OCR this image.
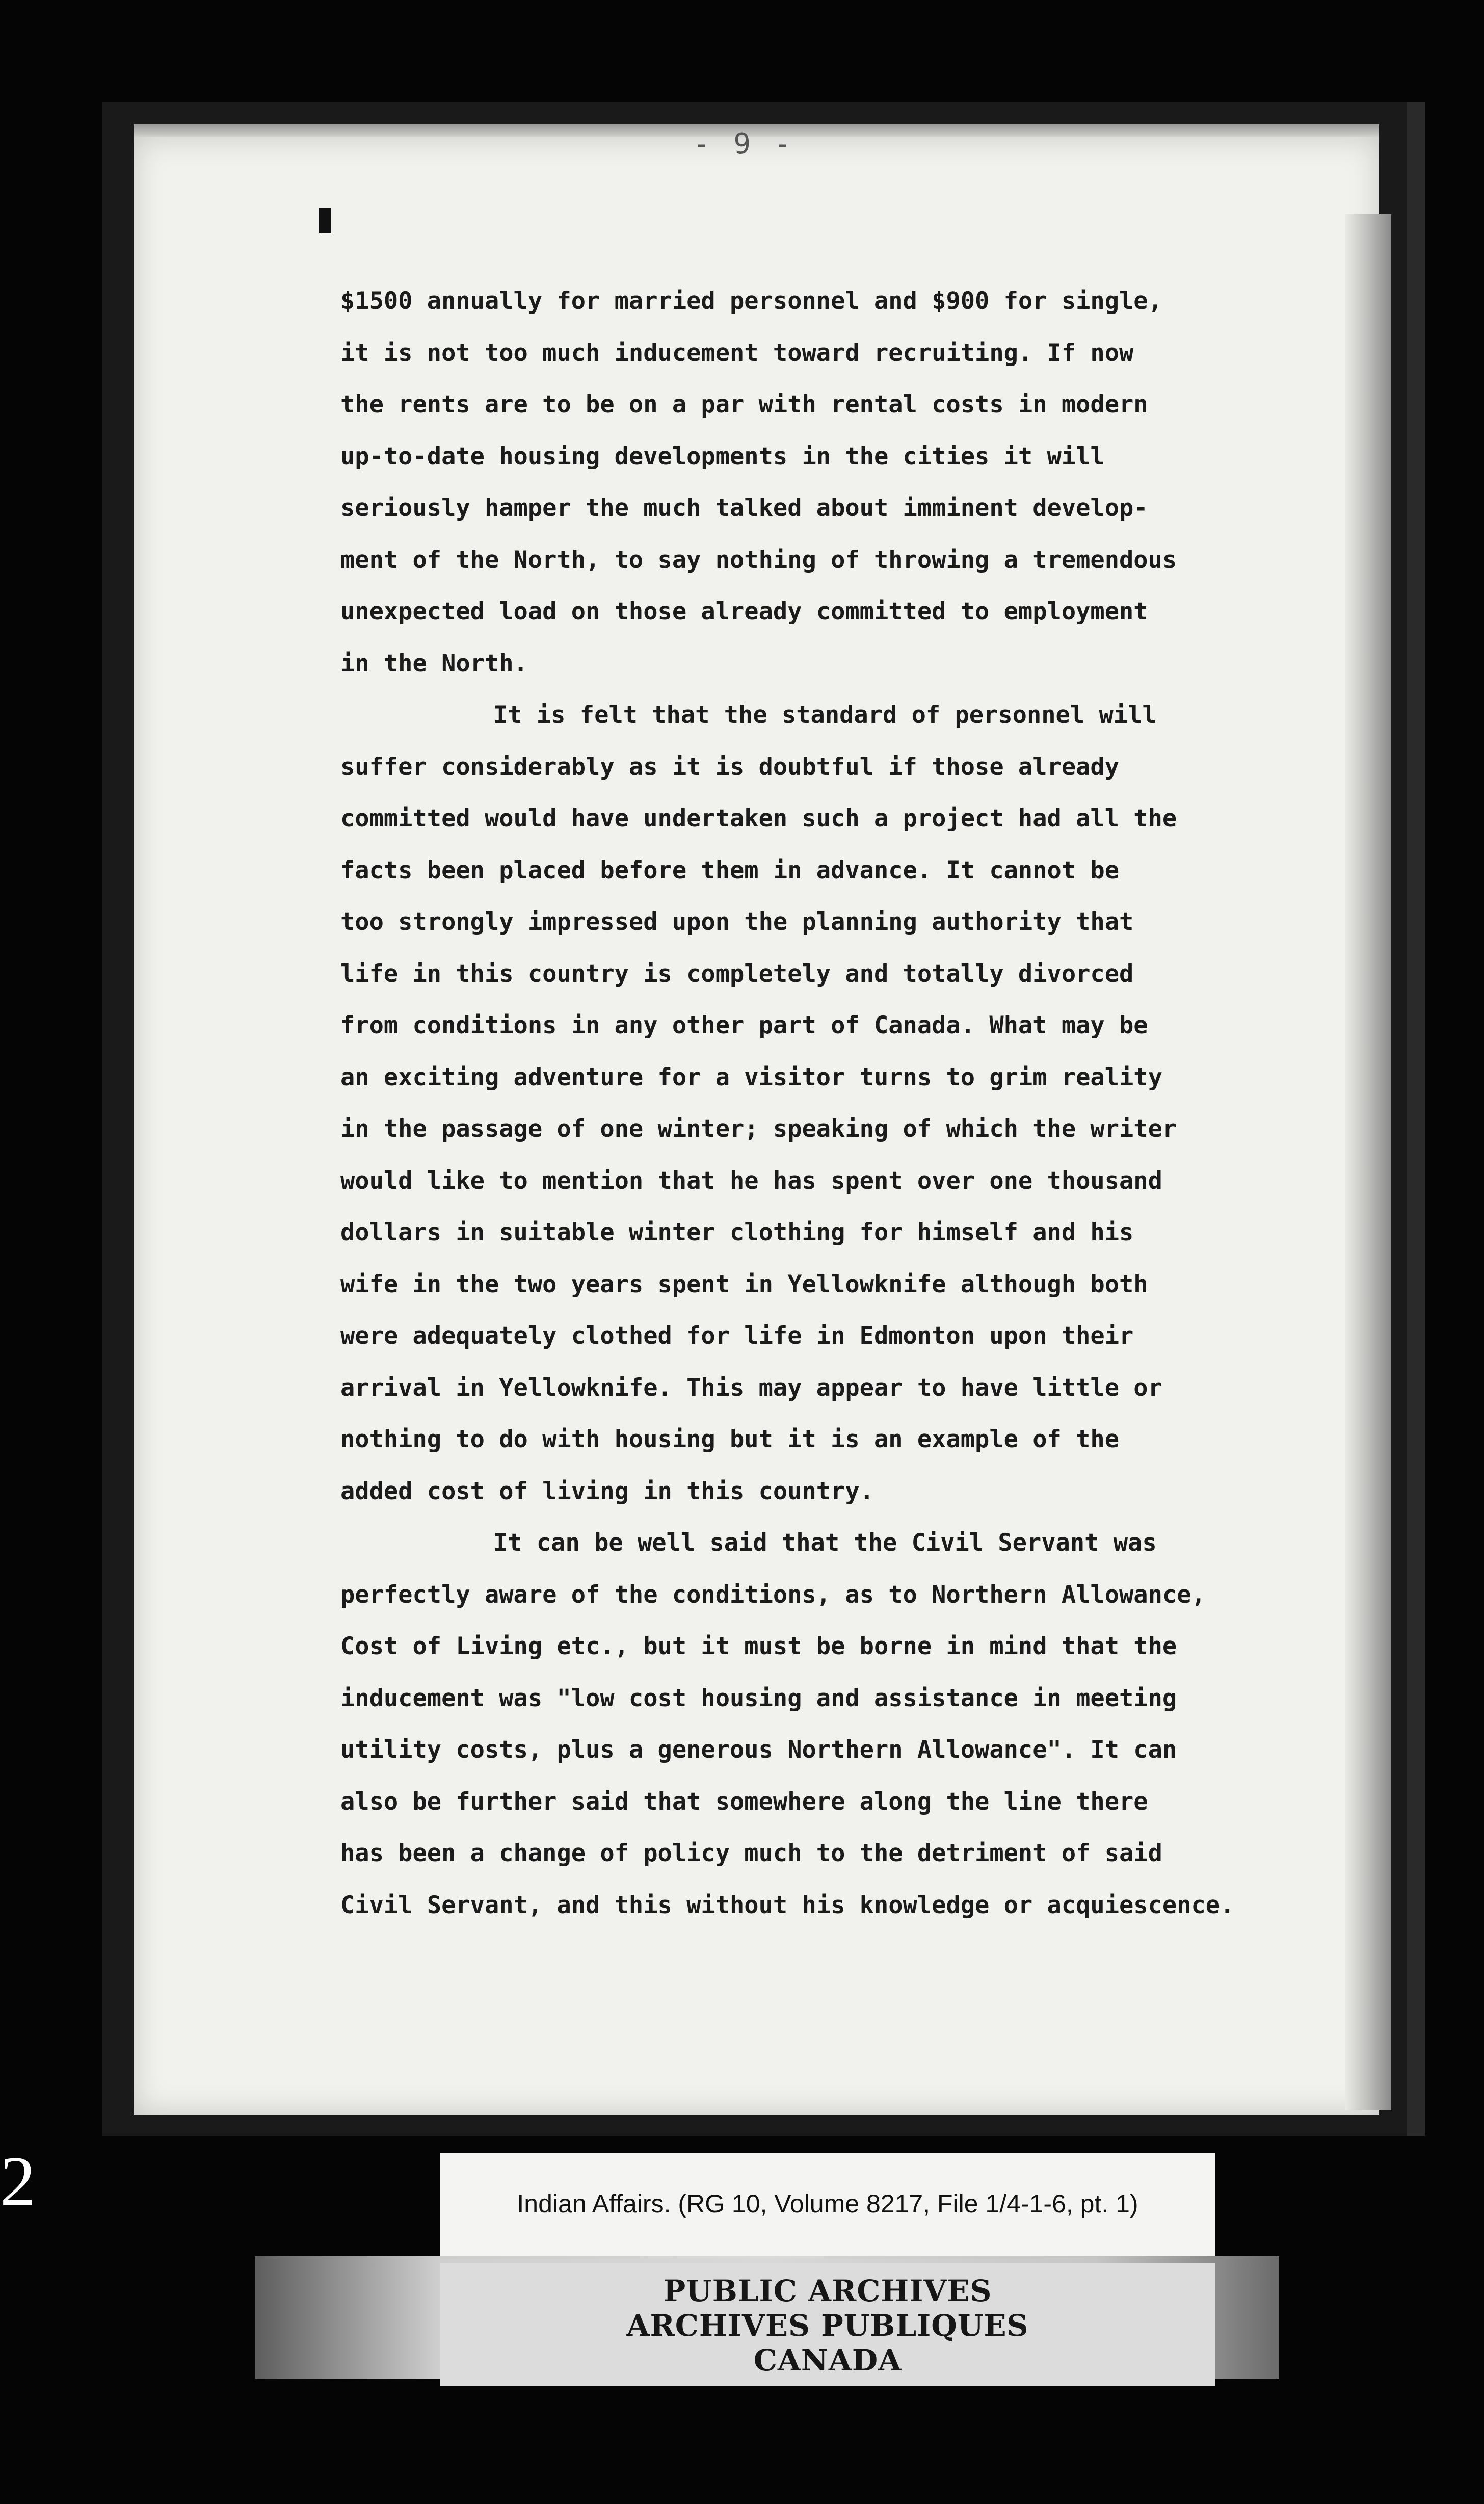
- 9 -
$1500 annually for married personnel and $900 for single,
it is not too much inducement toward recruiting. If now
the rents are to be on a par with rental costs in modern
up-to-date housing developments in the cities it will
seriously hamper the much talked about imminent develop-
ment of the North, to say nothing of throwing a tremendous
unexpected load on those already committed to employment
in the North.
It is felt that the standard of personnel will
suffer considerably as it is doubtful if those already
committed would have undertaken such a project had all the
facts been placed before them in advance. It cannot be
too strongly impressed upon the planning authority that
life in this country is completely and totally divorced
from conditions in any other part of Canada. What may be
an exciting adventure for a visitor turns to grim reality
in the passage of one winter; speaking of which the writer
would like to mention that he has spent over one thousand
dollars in suitable winter clothing for himself and his
wife in the two years spent in Yellowknife although both
were adequately clothed for life in Edmonton upon their
arrival in Yellowknife. This may appear to have little or
nothing to do with housing but it is an example of the
added cost of living in this country.
It can be well said that the Civil Servant was
perfectly aware of the conditions, as to Northern Allowance,
Cost of Living etc., but it must be borne in mind that the
inducement was "low cost housing and assistance in meeting
utility costs, plus a generous Northern Allowance". It can
also be further said that somewhere along the line there
has been a change of policy much to the detriment of said
Civil Servant, and this without his knowledge or acquiescence.
2	Indian Affairs. (RG 10, Volume 8217, File 1/4-1-6, pt. 1)
PUBLIC ARCHIVES
ARCHIVES PUBLIQUES
CANADA
